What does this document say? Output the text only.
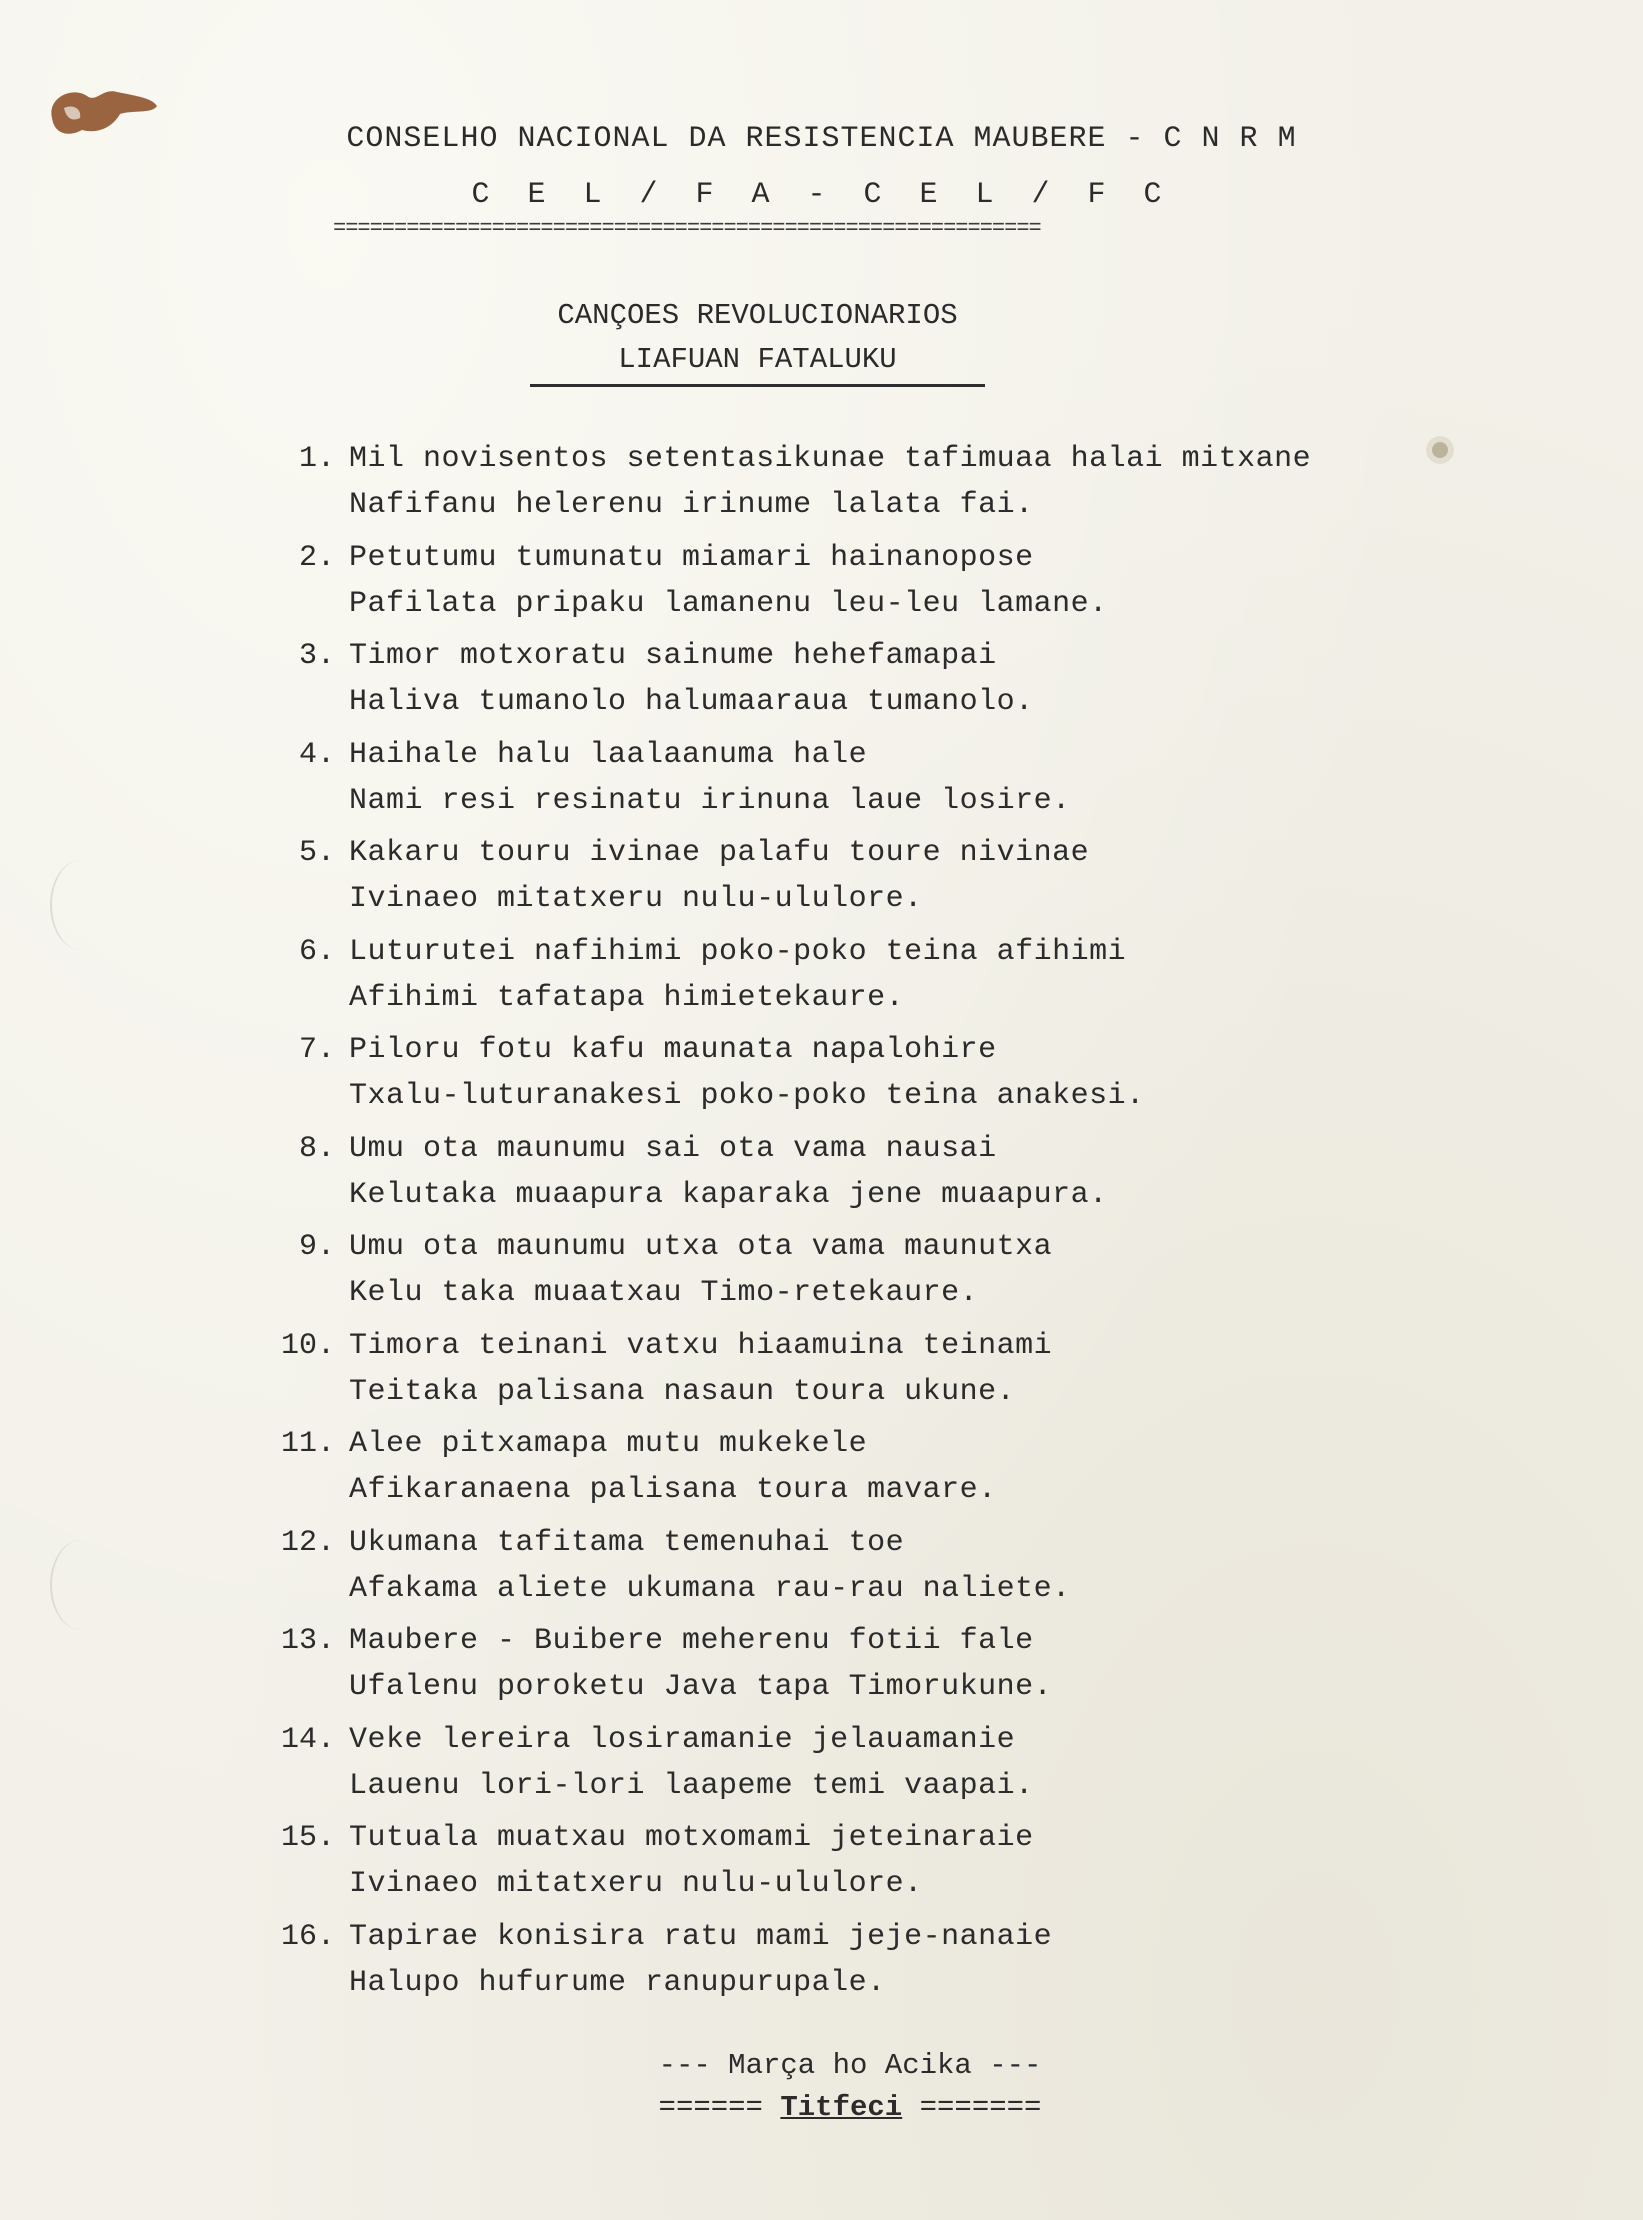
CONSELHO NACIONAL DA RESISTENCIA MAUBERE - C N R M
C E L / F A - C E L / F C
==========================================================
CANÇOES REVOLUCIONARIOS
LIAFUAN FATALUKU
1. Mil novisentos setentasikunae tafimuaa halai mitxane
Nafifanu helerenu irinume lalata fai.
2. Petutumu tumunatu miamari hainanopose
Pafilata pripaku lamanenu leu-leu lamane.
3. Timor motxoratu sainume hehefamapai
Haliva tumanolo halumaaraua tumanolo.
4. Haihale halu laalaanuma hale
Nami resi resinatu irinuna laue losire.
5. Kakaru touru ivinae palafu toure nivinae
Ivinaeo mitatxeru nulu-ululore.
6. Luturutei nafihimi poko-poko teina afihimi
Afihimi tafatapa himietekaure.
7. Piloru fotu kafu maunata napalohire
Txalu-luturanakesi poko-poko teina anakesi.
8. Umu ota maunumu sai ota vama nausai
Kelutaka muaapura kaparaka jene muaapura.
9. Umu ota maunumu utxa ota vama maunutxa
Kelu taka muaatxau Timo-retekaure.
10. Timora teinani vatxu hiaamuina teinami
Teitaka palisana nasaun toura ukune.
11. Alee pitxamapa mutu mukekele
Afikaranaena palisana toura mavare.
12. Ukumana tafitama temenuhai toe
Afakama aliete ukumana rau-rau naliete.
13. Maubere - Buibere meherenu fotii fale
Ufalenu poroketu Java tapa Timorukune.
14. Veke lereira losiramanie jelauamanie
Lauenu lori-lori laapeme temi vaapai.
15. Tutuala muatxau motxomami jeteinaraie
Ivinaeo mitatxeru nulu-ululore.
16. Tapirae konisira ratu mami jeje-nanaie
Halupo hufurume ranupurupale.
--- Marça ho Acika ---
====== Titfeci =======
